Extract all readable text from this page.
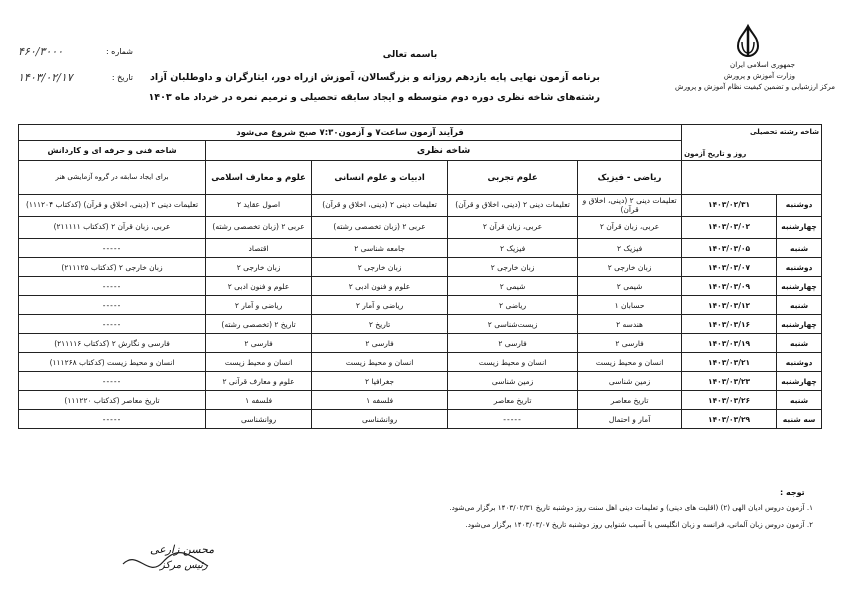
جمهوری اسلامی ایران
وزارت آموزش و پرورش
مرکز ارزشیابی و تضمین کیفیت نظام آموزش و پرورش
باسمه تعالی
برنامه آزمون نهایی پایه یازدهم روزانه و بزرگسالان، آموزش ازراه دور، ایثارگران و داوطلبان آزاد
رشته‌های شاخه نظری دوره دوم متوسطه و ایجاد سابقه تحصیلی و ترمیم نمره در خرداد ماه ۱۴۰۳
شماره :
۴۶۰/۳۰۰۰
تاریخ :
۱۴۰۳/۰۲/۱۷
شاخه رشته تحصیلی
روز و تاریخ آزمون		فرآیند آزمون ساعت۷ و آزمون۷:۳۰ صبح شروع می‌شود				
		شاخه نظری				شاخه فنی و حرفه ای و کاردانش
		ریاضی - فیزیک	علوم تجربی	ادبیات و علوم انسانی	علوم و معارف اسلامی	برای ایجاد سابقه در گروه آزمایشی هنر
دوشنبه	۱۴۰۳/۰۲/۳۱	تعلیمات دینی ۲ (دینی، اخلاق و قرآن)	تعلیمات دینی ۲ (دینی، اخلاق و قرآن)	تعلیمات دینی ۲ (دینی، اخلاق و قرآن)	اصول عقاید ۲	تعلیمات دینی ۲ (دینی، اخلاق و قرآن) (کدکتاب ۱۱۱۲۰۴)
چهارشنبه	۱۴۰۳/۰۳/۰۲	عربی، زبان قرآن ۲	عربی، زبان قرآن ۲	عربی ۲ (زبان تخصصی رشته)	عربی ۲ (زبان تخصصی رشته)	عربی، زبان قرآن ۲ (کدکتاب ۲۱۱۱۱۱)
شنبه	۱۴۰۳/۰۳/۰۵	فیزیک ۲	فیزیک ۲	جامعه شناسی ۲	اقتصاد	-----
دوشنبه	۱۴۰۳/۰۳/۰۷	زبان خارجی ۲	زبان خارجی ۲	زبان خارجی ۲	زبان خارجی ۲	زبان خارجی ۲ (کدکتاب ۲۱۱۱۲۵)
چهارشنبه	۱۴۰۳/۰۳/۰۹	شیمی ۲	شیمی ۲	علوم و فنون ادبی ۲	علوم و فنون ادبی ۲	-----
شنبه	۱۴۰۳/۰۳/۱۲	حسابان ۱	ریاضی ۲	ریاضی و آمار ۲	ریاضی و آمار ۲	-----
چهارشنبه	۱۴۰۳/۰۳/۱۶	هندسه ۲	زیست‌شناسی ۲	تاریخ ۲	تاریخ ۲ (تخصصی رشته)	-----
شنبه	۱۴۰۳/۰۳/۱۹	فارسی ۲	فارسی ۲	فارسی ۲	فارسی ۲	فارسی و نگارش ۲ (کدکتاب ۲۱۱۱۱۶)
دوشنبه	۱۴۰۳/۰۳/۲۱	انسان و محیط زیست	انسان و محیط زیست	انسان و محیط زیست	انسان و محیط زیست	انسان و محیط زیست (کدکتاب ۱۱۱۲۶۸)
چهارشنبه	۱۴۰۳/۰۳/۲۳	زمین شناسی	زمین شناسی	جغرافیا ۲	علوم و معارف قرآنی ۲	-----
شنبه	۱۴۰۳/۰۳/۲۶	تاریخ معاصر	تاریخ معاصر	فلسفه ۱	فلسفه ۱	تاریخ معاصر (کدکتاب ۱۱۱۲۲۰)
سه شنبه	۱۴۰۳/۰۳/۲۹	آمار و احتمال	-----	روانشناسی	روانشناسی	-----
توجه :
۱. آزمون دروس ادیان الهی (۲) (اقلیت های دینی) و تعلیمات دینی اهل سنت روز دوشنبه تاریخ ۱۴۰۳/۰۲/۳۱ برگزار می‌شود.
۲. آزمون دروس زبان آلمانی، فرانسه و زبان انگلیسی با آسیب شنوایی روز دوشنبه تاریخ ۱۴۰۳/۰۳/۰۷ برگزار می‌شود.
محسن زارعی
رئیس مرکز
